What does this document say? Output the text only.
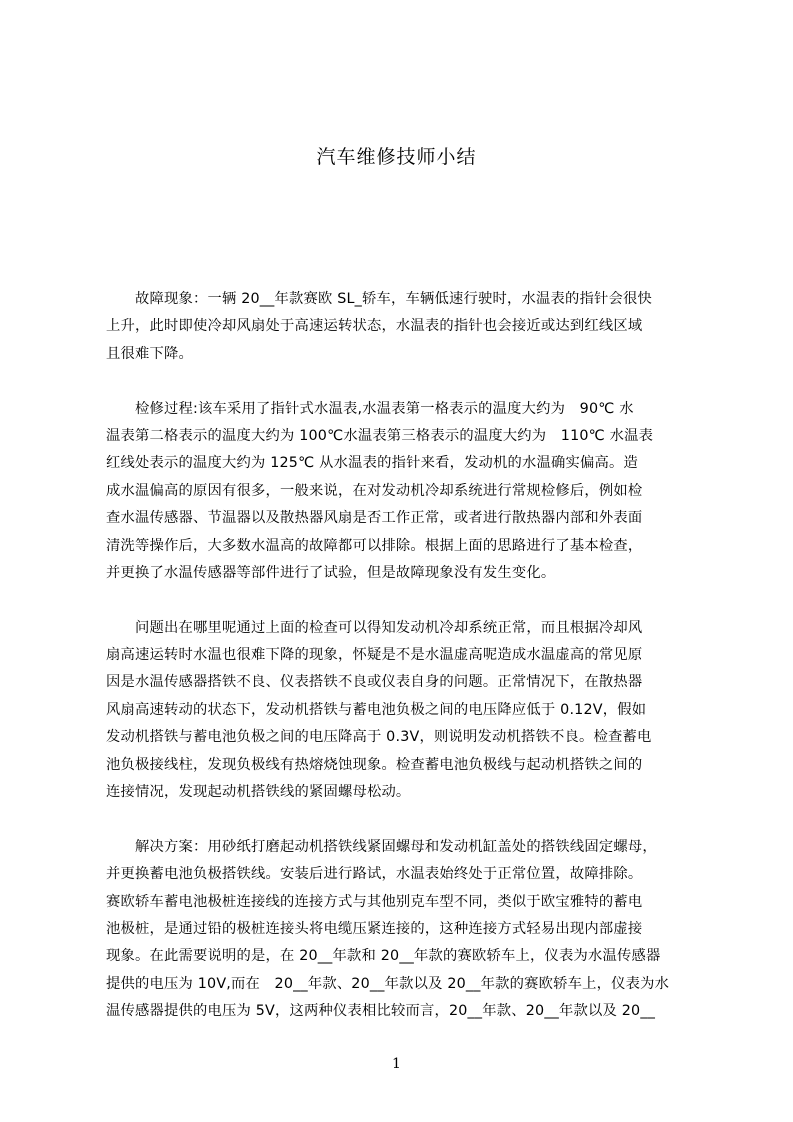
汽车维修技师小结
　　故障现象：一辆 20__年款赛欧 SL_轿车，车辆低速行驶时，水温表的指针会很快
上升，此时即使冷却风扇处于高速运转状态，水温表的指针也会接近或达到红线区域
且很难下降。
　　检修过程:该车采用了指针式水温表,水温表第一格表示的温度大约为　90℃ 水
温表第二格表示的温度大约为 100℃水温表第三格表示的温度大约为　110℃ 水温表
红线处表示的温度大约为 125℃ 从水温表的指针来看，发动机的水温确实偏高。造
成水温偏高的原因有很多，一般来说，在对发动机冷却系统进行常规检修后，例如检
查水温传感器、节温器以及散热器风扇是否工作正常，或者进行散热器内部和外表面
清洗等操作后，大多数水温高的故障都可以排除。根据上面的思路进行了基本检查，
并更换了水温传感器等部件进行了试验，但是故障现象没有发生变化。
　　问题出在哪里呢通过上面的检查可以得知发动机冷却系统正常，而且根据冷却风
扇高速运转时水温也很难下降的现象，怀疑是不是水温虚高呢造成水温虚高的常见原
因是水温传感器搭铁不良、仪表搭铁不良或仪表自身的问题。正常情况下，在散热器
风扇高速转动的状态下，发动机搭铁与蓄电池负极之间的电压降应低于 0.12V，假如
发动机搭铁与蓄电池负极之间的电压降高于 0.3V，则说明发动机搭铁不良。检查蓄电
池负极接线柱，发现负极线有热熔烧蚀现象。检查蓄电池负极线与起动机搭铁之间的
连接情况，发现起动机搭铁线的紧固螺母松动。
　　解决方案：用砂纸打磨起动机搭铁线紧固螺母和发动机缸盖处的搭铁线固定螺母，
并更换蓄电池负极搭铁线。安装后进行路试，水温表始终处于正常位置，故障排除。
赛欧轿车蓄电池极桩连接线的连接方式与其他别克车型不同，类似于欧宝雅特的蓄电
池极桩，是通过铅的极桩连接头将电缆压紧连接的，这种连接方式轻易出现内部虚接
现象。在此需要说明的是，在 20__年款和 20__年款的赛欧轿车上，仪表为水温传感器
提供的电压为 10V,而在　20__年款、20__年款以及 20__年款的赛欧轿车上，仪表为水
温传感器提供的电压为 5V，这两种仪表相比较而言，20__年款、20__年款以及 20__
1
